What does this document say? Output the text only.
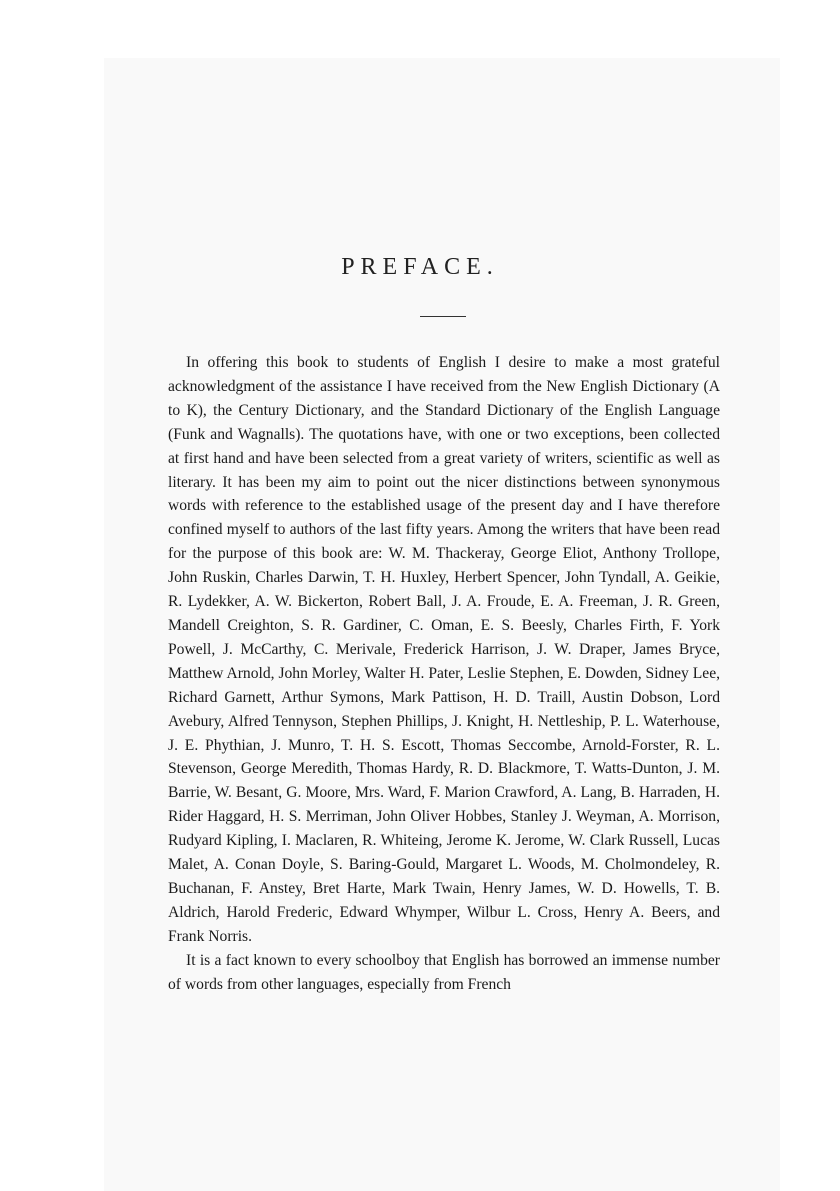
PREFACE.

In offering this book to students of English I desire to make a most grateful acknowledgment of the assistance I have received from the New English Dictionary (A to K), the Century Dictionary, and the Standard Dictionary of the English Language (Funk and Wagnalls). The quotations have, with one or two exceptions, been collected at first hand and have been selected from a great variety of writers, scientific as well as literary. It has been my aim to point out the nicer distinctions between synonymous words with reference to the established usage of the present day and I have therefore confined myself to authors of the last fifty years. Among the writers that have been read for the purpose of this book are: W. M. Thackeray, George Eliot, Anthony Trollope, John Ruskin, Charles Darwin, T. H. Huxley, Herbert Spencer, John Tyndall, A. Geikie, R. Lydekker, A. W. Bickerton, Robert Ball, J. A. Froude, E. A. Freeman, J. R. Green, Mandell Creighton, S. R. Gardiner, C. Oman, E. S. Beesly, Charles Firth, F. York Powell, J. McCarthy, C. Merivale, Frederick Harrison, J. W. Draper, James Bryce, Matthew Arnold, John Morley, Walter H. Pater, Leslie Stephen, E. Dowden, Sidney Lee, Richard Garnett, Arthur Symons, Mark Pattison, H. D. Traill, Austin Dobson, Lord Avebury, Alfred Tennyson, Stephen Phillips, J. Knight, H. Nettleship, P. L. Waterhouse, J. E. Phythian, J. Munro, T. H. S. Escott, Thomas Seccombe, Arnold-Forster, R. L. Stevenson, George Meredith, Thomas Hardy, R. D. Blackmore, T. Watts-Dunton, J. M. Barrie, W. Besant, G. Moore, Mrs. Ward, F. Marion Crawford, A. Lang, B. Harraden, H. Rider Haggard, H. S. Merriman, John Oliver Hobbes, Stanley J. Weyman, A. Morrison, Rudyard Kipling, I. Maclaren, R. Whiteing, Jerome K. Jerome, W. Clark Russell, Lucas Malet, A. Conan Doyle, S. Baring-Gould, Margaret L. Woods, M. Cholmondeley, R. Buchanan, F. Anstey, Bret Harte, Mark Twain, Henry James, W. D. Howells, T. B. Aldrich, Harold Frederic, Edward Whymper, Wilbur L. Cross, Henry A. Beers, and Frank Norris.

It is a fact known to every schoolboy that English has borrowed an immense number of words from other languages, especially from French
